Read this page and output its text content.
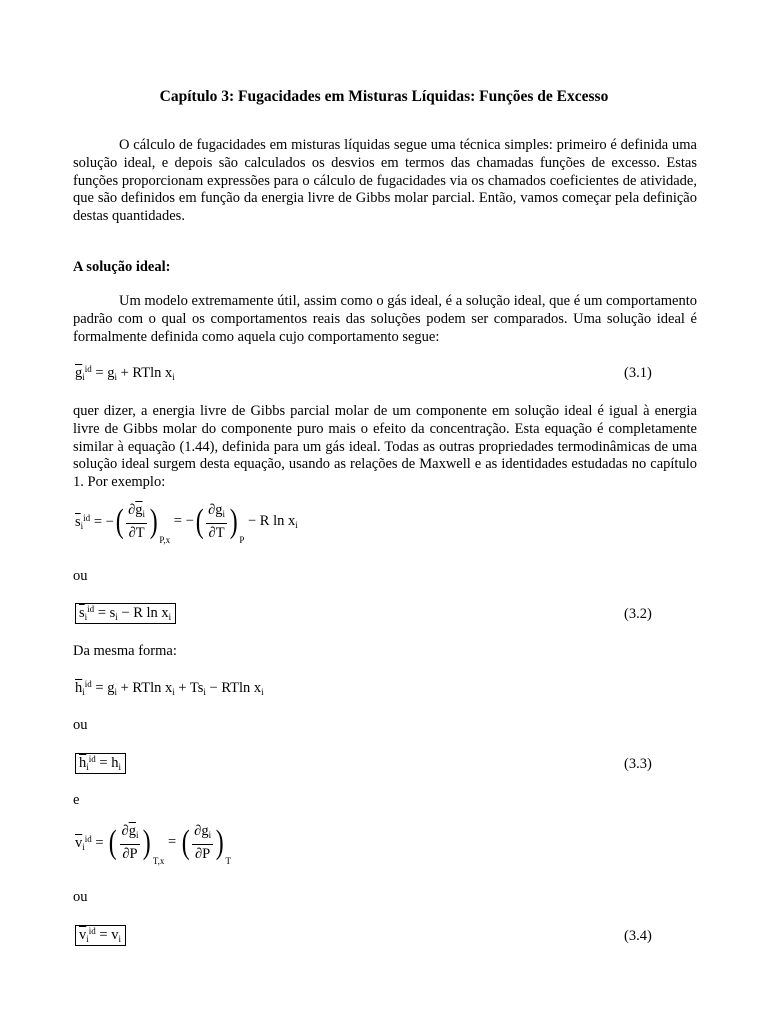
Capítulo 3: Fugacidades em Misturas Líquidas: Funções de Excesso

O cálculo de fugacidades em misturas líquidas segue uma técnica simples: primeiro é definida uma solução ideal, e depois são calculados os desvios em termos das chamadas funções de excesso. Estas funções proporcionam expressões para o cálculo de fugacidades via os chamados coeficientes de atividade, que são definidos em função da energia livre de Gibbs molar parcial. Então, vamos começar pela definição destas quantidades.

A solução ideal:

Um modelo extremamente útil, assim como o gás ideal, é a solução ideal, que é um comportamento padrão com o qual os comportamentos reais das soluções podem ser comparados. Uma solução ideal é formalmente definida como aquela cujo comportamento segue:

$\overline{g}_i^{id} = g_i + RTln$ $x_i$	(3.1)

quer dizer, a energia livre de Gibbs parcial molar de um componente em solução ideal é igual à energia livre de Gibbs molar do componente puro mais o efeito da concentração. Esta equação é completamente similar à equação (1.44), definida para um gás ideal. Todas as outras propriedades termodinâmicas de uma solução ideal surgem desta equação, usando as relações de Maxwell e as identidades estudadas no capítulo 1. Por exemplo:

$\overline{s}_i^{id}$ = −( $\frac{\partial\overline{g}_i}{\partial T} )_{P,x}$ = −( $\frac{\partial g_i}{\partial T} )_P - R$ $\ln x_i$
ou
$\overline{s}_i^{id} = s_i - R$ $\ln x_i$	(3.2)
Da mesma forma:
$\overline{h}_i^{id} = g_i + RTln$ $x_i + Ts_i - RTln$ $x_i$
ou
$\overline{h}_i^{id} = h_i$	(3.3)
e
$\overline{v}_i^{id}$ = ( $\frac{\partial\overline{g}_i}{\partial P} )_{T,x}$ = ( $\frac{\partial g_i}{\partial P} )_T$
ou
$\overline{v}_i^{id} = v_i$	(3.4)
